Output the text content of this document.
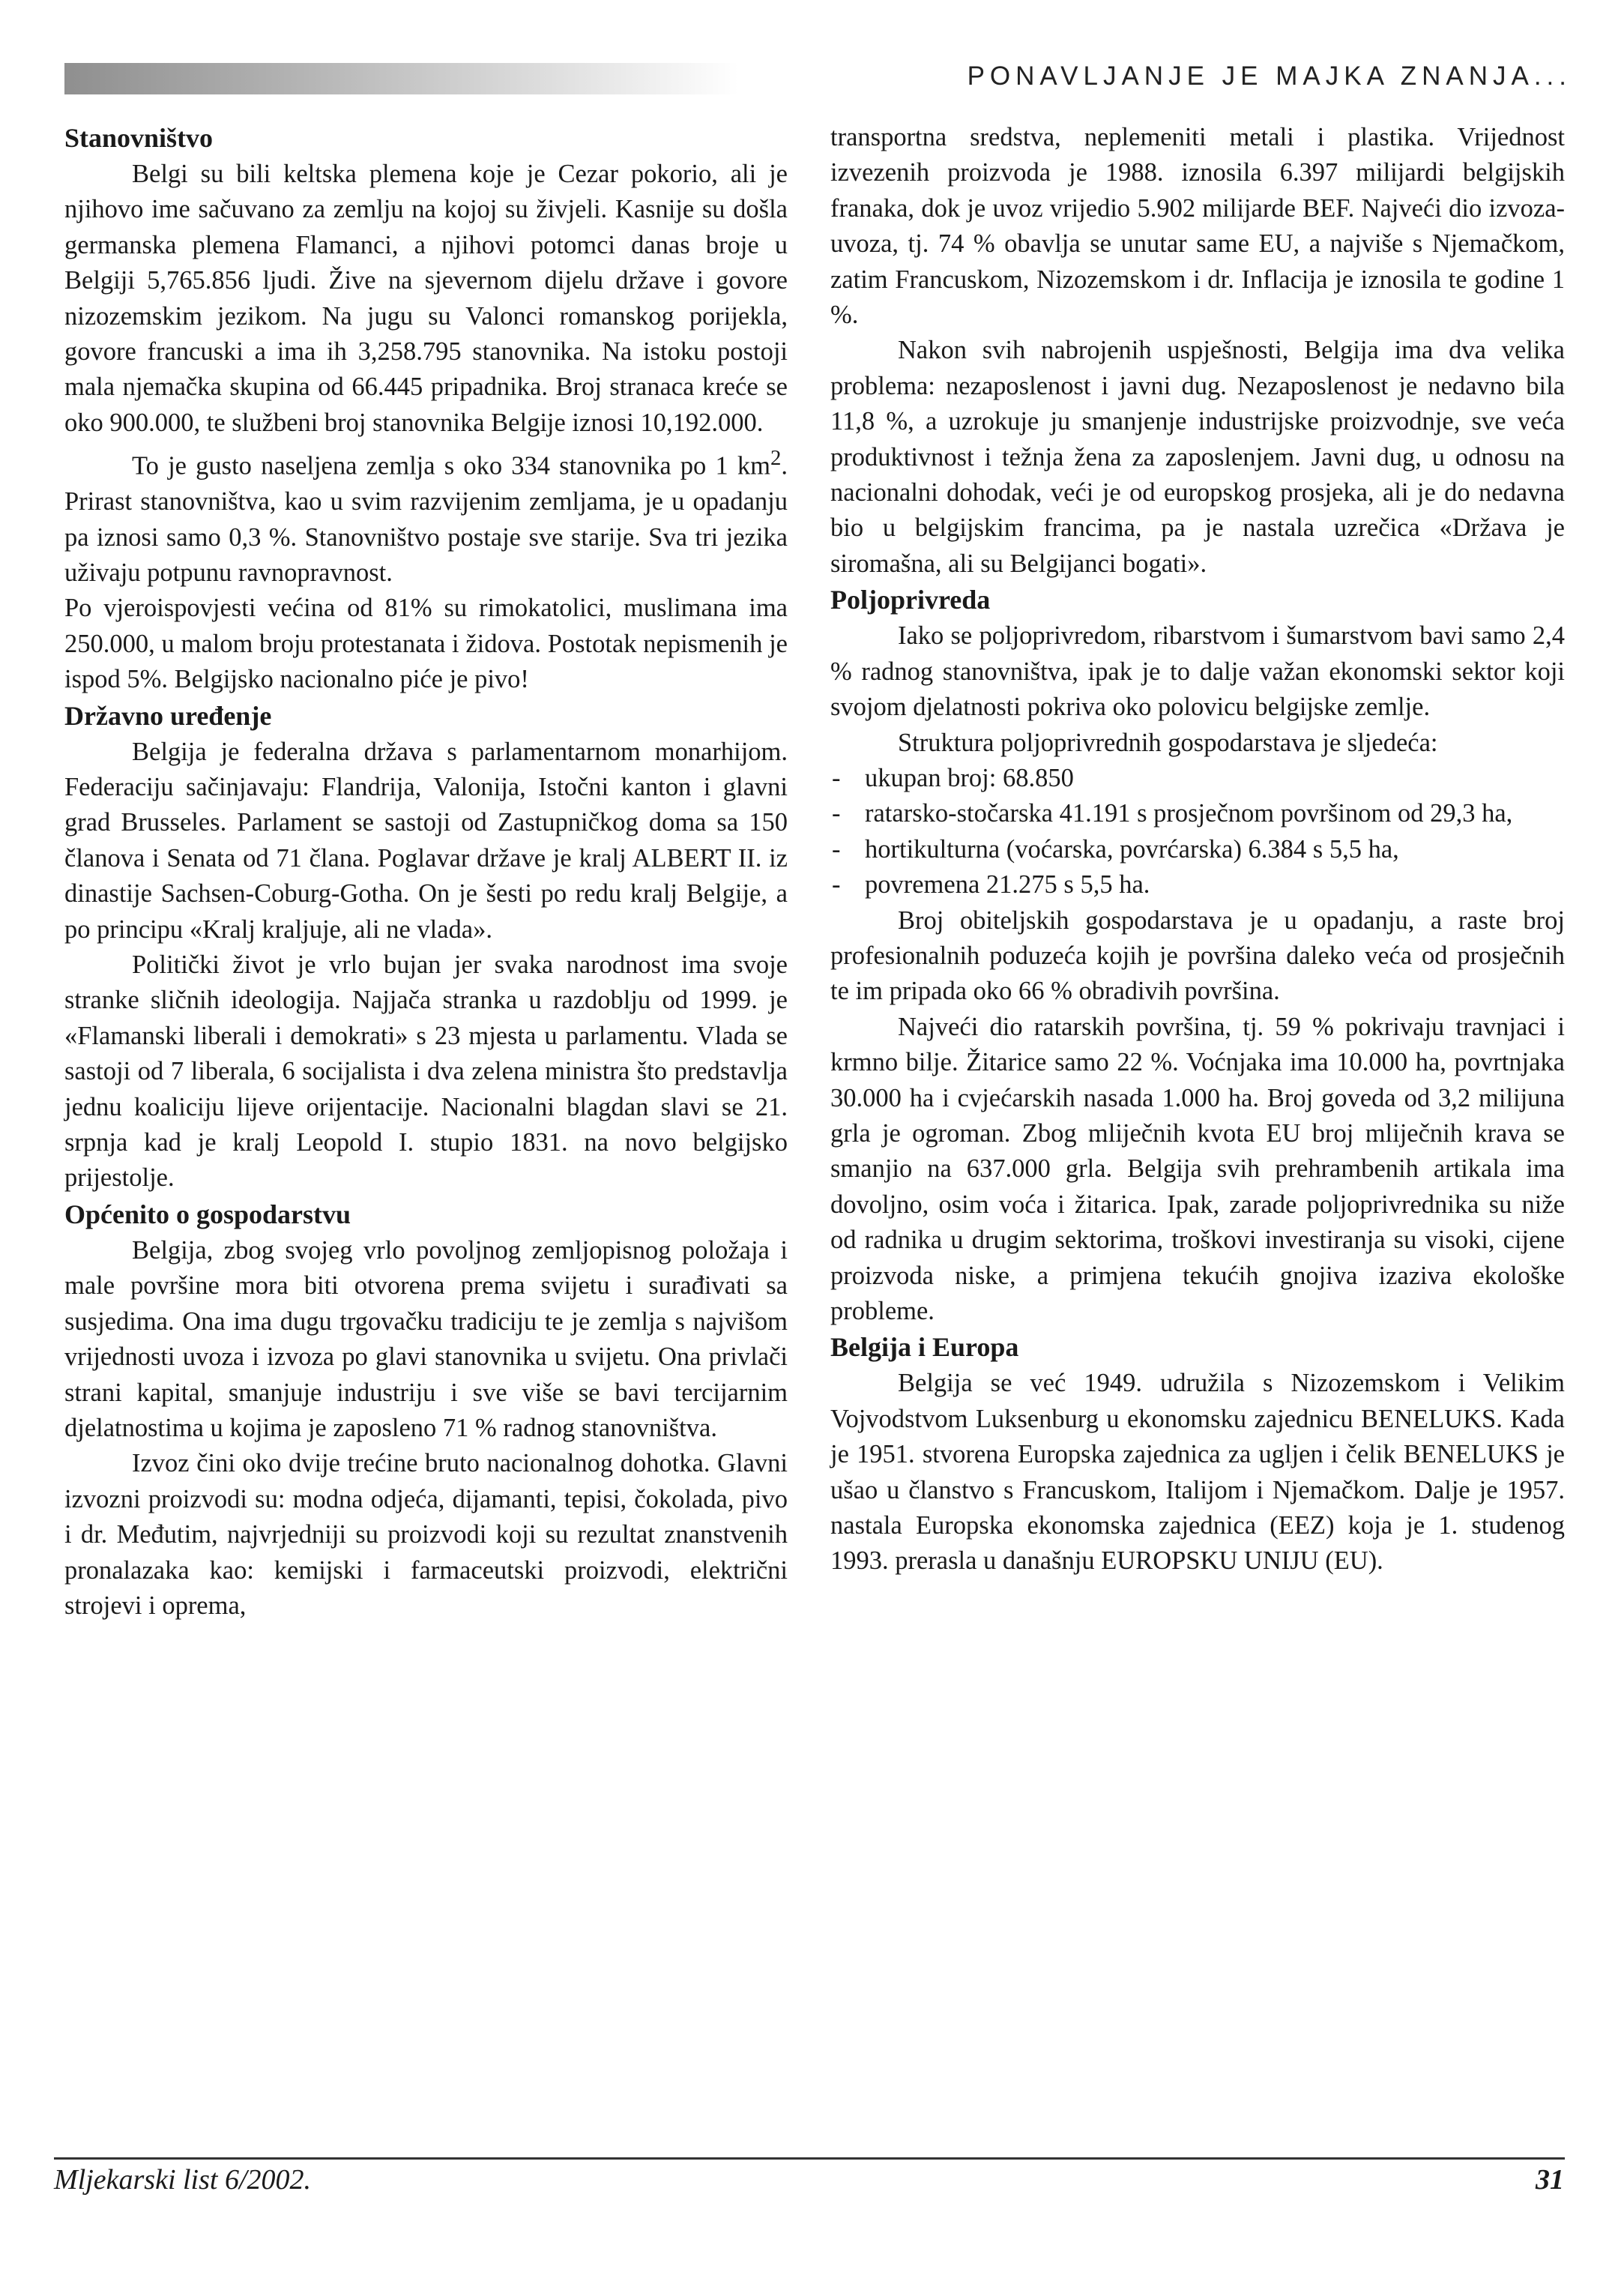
PONAVLJANJE JE MAJKA ZNANJA...
Stanovništvo

Belgi su bili keltska plemena koje je Cezar pokorio, ali je njihovo ime sačuvano za zemlju na kojoj su živjeli. Kasnije su došla germanska plemena Flamanci, a njihovi potomci danas broje u Belgiji 5,765.856 ljudi. Žive na sjevernom dijelu države i govore nizozemskim jezikom. Na jugu su Valonci romanskog porijekla, govore francuski a ima ih 3,258.795 stanovnika. Na istoku postoji mala njemačka skupina od 66.445 pripadnika. Broj stranaca kreće se oko 900.000, te službeni broj stanovnika Belgije iznosi 10,192.000.

To je gusto naseljena zemlja s oko 334 stanovnika po 1 $km^2$. Prirast stanovništva, kao u svim razvijenim zemljama, je u opadanju pa iznosi samo 0,3 %. Stanovništvo postaje sve starije. Sva tri jezika uživaju potpunu ravnopravnost.

Po vjeroispovjesti većina od 81% su rimokatolici, muslimana ima 250.000, u malom broju protestanata i židova. Postotak nepismenih je ispod 5%. Belgijsko nacionalno piće je pivo!

Državno uređenje

Belgija je federalna država s parlamentarnom monarhijom. Federaciju sačinjavaju: Flandrija, Valonija, Istočni kanton i glavni grad Brusseles. Parlament se sastoji od Zastupničkog doma sa 150 članova i Senata od 71 člana. Poglavar države je kralj ALBERT II. iz dinastije Sachsen-Coburg-Gotha. On je šesti po redu kralj Belgije, a po principu «Kralj kraljuje, ali ne vlada».

Politički život je vrlo bujan jer svaka narodnost ima svoje stranke sličnih ideologija. Najjača stranka u razdoblju od 1999. je «Flamanski liberali i demokrati» s 23 mjesta u parlamentu. Vlada se sastoji od 7 liberala, 6 socijalista i dva zelena ministra što predstavlja jednu koaliciju lijeve orijentacije. Nacionalni blagdan slavi se 21. srpnja kad je kralj Leopold I. stupio 1831. na novo belgijsko prijestolje.

Općenito o gospodarstvu

Belgija, zbog svojeg vrlo povoljnog zemljopisnog položaja i male površine mora biti otvorena prema svijetu i surađivati sa susjedima. Ona ima dugu trgovačku tradiciju te je zemlja s najvišom vrijednosti uvoza i izvoza po glavi stanovnika u svijetu. Ona privlači strani kapital, smanjuje industriju i sve više se bavi tercijarnim djelatnostima u kojima je zaposleno 71 % radnog stanovništva.

Izvoz čini oko dvije trećine bruto nacionalnog dohotka. Glavni izvozni proizvodi su: modna odjeća, dijamanti, tepisi, čokolada, pivo i dr. Međutim, najvrjedniji su proizvodi koji su rezultat znanstvenih pronalazaka kao: kemijski i farmaceutski proizvodi, električni strojevi i oprema,

transportna sredstva, neplemeniti metali i plastika. Vrijednost izvezenih proizvoda je 1988. iznosila 6.397 milijardi belgijskih franaka, dok je uvoz vrijedio 5.902 milijarde BEF. Najveći dio izvoza-uvoza, tj. 74 % obavlja se unutar same EU, a najviše s Njemačkom, zatim Francuskom, Nizozemskom i dr. Inflacija je iznosila te godine 1 %.

Nakon svih nabrojenih uspješnosti, Belgija ima dva velika problema: nezaposlenost i javni dug. Nezaposlenost je nedavno bila 11,8 %, a uzrokuje ju smanjenje industrijske proizvodnje, sve veća produktivnost i težnja žena za zaposlenjem. Javni dug, u odnosu na nacionalni dohodak, veći je od europskog prosjeka, ali je do nedavna bio u belgijskim francima, pa je nastala uzrečica «Država je siromašna, ali su Belgijanci bogati».

Poljoprivreda

Iako se poljoprivredom, ribarstvom i šumarstvom bavi samo 2,4 % radnog stanovništva, ipak je to dalje važan ekonomski sektor koji svojom djelatnosti pokriva oko polovicu belgijske zemlje.

Struktura poljoprivrednih gospodarstava je sljedeća:

- ukupan broj: 68.850
- ratarsko-stočarska 41.191 s prosječnom površinom od 29,3 ha,
- hortikulturna (voćarska, povrćarska) 6.384 s 5,5 ha,
- povremena 21.275 s 5,5 ha.

Broj obiteljskih gospodarstava je u opadanju, a raste broj profesionalnih poduzeća kojih je površina daleko veća od prosječnih te im pripada oko 66 % obradivih površina.

Najveći dio ratarskih površina, tj. 59 % pokrivaju travnjaci i krmno bilje. Žitarice samo 22 %. Voćnjaka ima 10.000 ha, povrtnjaka 30.000 ha i cvjećarskih nasada 1.000 ha. Broj goveda od 3,2 milijuna grla je ogroman. Zbog mliječnih kvota EU broj mliječnih krava se smanjio na 637.000 grla. Belgija svih prehrambenih artikala ima dovoljno, osim voća i žitarica. Ipak, zarade poljoprivrednika su niže od radnika u drugim sektorima, troškovi investiranja su visoki, cijene proizvoda niske, a primjena tekućih gnojiva izaziva ekološke probleme.

Belgija i Europa

Belgija se već 1949. udružila s Nizozemskom i Velikim Vojvodstvom Luksenburg u ekonomsku zajednicu BENELUKS. Kada je 1951. stvorena Europska zajednica za ugljen i čelik BENELUKS je ušao u članstvo s Francuskom, Italijom i Njemačkom. Dalje je 1957. nastala Europska ekonomska zajednica (EEZ) koja je 1. studenog 1993. prerasla u današnju EUROPSKU UNIJU (EU).

Mljekarski list 6/2002.	31
